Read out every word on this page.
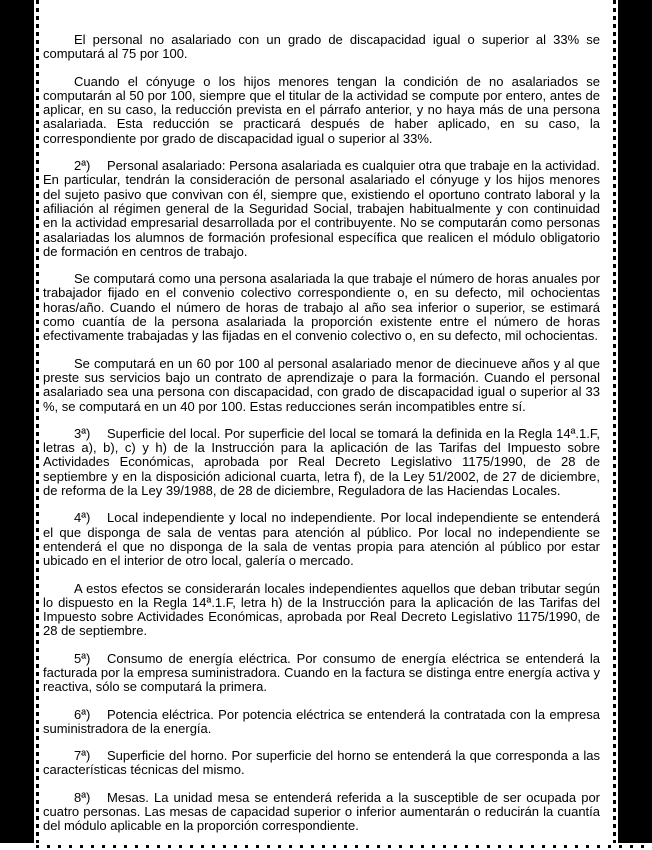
El personal no asalariado con un grado de discapacidad igual o superior al 33% se computará al 75 por 100.

Cuando el cónyuge o los hijos menores tengan la condición de no asalariados se computarán al 50 por 100, siempre que el titular de la actividad se compute por entero, antes de aplicar, en su caso, la reducción prevista en el párrafo anterior, y no haya más de una persona asalariada. Esta reducción se practicará después de haber aplicado, en su caso, la correspondiente por grado de discapacidad igual o superior al 33%.

2ª) Personal asalariado: Persona asalariada es cualquier otra que trabaje en la actividad. En particular, tendrán la consideración de personal asalariado el cónyuge y los hijos menores del sujeto pasivo que convivan con él, siempre que, existiendo el oportuno contrato laboral y la afiliación al régimen general de la Seguridad Social, trabajen habitualmente y con continuidad en la actividad empresarial desarrollada por el contribuyente. No se computarán como personas asalariadas los alumnos de formación profesional específica que realicen el módulo obligatorio de formación en centros de trabajo.

Se computará como una persona asalariada la que trabaje el número de horas anuales por trabajador fijado en el convenio colectivo correspondiente o, en su defecto, mil ochocientas horas/año. Cuando el número de horas de trabajo al año sea inferior o superior, se estimará como cuantía de la persona asalariada la proporción existente entre el número de horas efectivamente trabajadas y las fijadas en el convenio colectivo o, en su defecto, mil ochocientas.

Se computará en un 60 por 100 al personal asalariado menor de diecinueve años y al que preste sus servicios bajo un contrato de aprendizaje o para la formación. Cuando el personal asalariado sea una persona con discapacidad, con grado de discapacidad igual o superior al 33 %, se computará en un 40 por 100. Estas reducciones serán incompatibles entre sí.

3ª) Superficie del local. Por superficie del local se tomará la definida en la Regla 14ª.1.F, letras a), b), c) y h) de la Instrucción para la aplicación de las Tarifas del Impuesto sobre Actividades Económicas, aprobada por Real Decreto Legislativo 1175/1990, de 28 de septiembre y en la disposición adicional cuarta, letra f), de la Ley 51/2002, de 27 de diciembre, de reforma de la Ley 39/1988, de 28 de diciembre, Reguladora de las Haciendas Locales.

4ª) Local independiente y local no independiente. Por local independiente se entenderá el que disponga de sala de ventas para atención al público. Por local no independiente se entenderá el que no disponga de la sala de ventas propia para atención al público por estar ubicado en el interior de otro local, galería o mercado.

A estos efectos se considerarán locales independientes aquellos que deban tributar según lo dispuesto en la Regla 14ª.1.F, letra h) de la Instrucción para la aplicación de las Tarifas del Impuesto sobre Actividades Económicas, aprobada por Real Decreto Legislativo 1175/1990, de 28 de septiembre.

5ª) Consumo de energía eléctrica. Por consumo de energía eléctrica se entenderá la facturada por la empresa suministradora. Cuando en la factura se distinga entre energía activa y reactiva, sólo se computará la primera.

6ª) Potencia eléctrica. Por potencia eléctrica se entenderá la contratada con la empresa suministradora de la energía.

7ª) Superficie del horno. Por superficie del horno se entenderá la que corresponda a las características técnicas del mismo.

8ª) Mesas. La unidad mesa se entenderá referida a la susceptible de ser ocupada por cuatro personas. Las mesas de capacidad superior o inferior aumentarán o reducirán la cuantía del módulo aplicable en la proporción correspondiente.
